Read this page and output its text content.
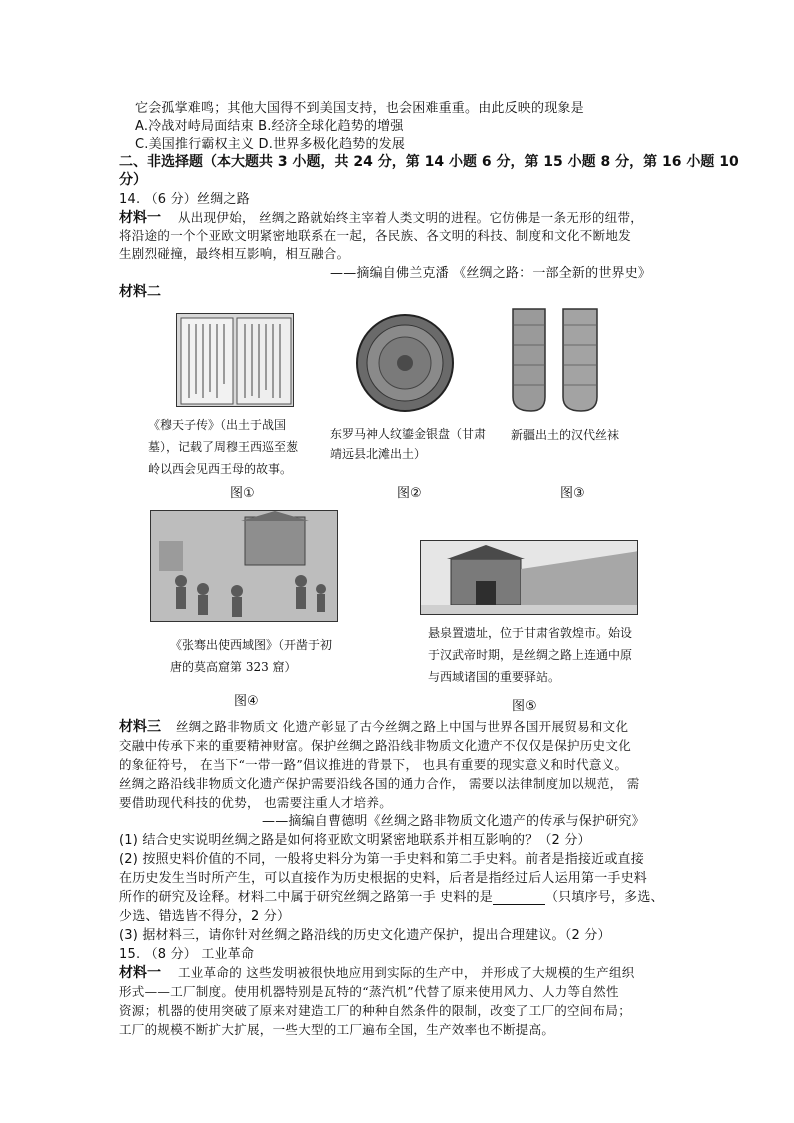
它会孤掌难鸣；其他大国得不到美国支持，也会困难重重。由此反映的现象是
A.冷战对峙局面结束 B.经济全球化趋势的增强
C.美国推行霸权主义 D.世界多极化趋势的发展
二、非选择题（本大题共 3 小题，共 24 分，第 14 小题 6 分，第 15 小题 8 分，第 16 小题 10
分）
14. （6 分）丝绸之路
材料一 从出现伊始， 丝绸之路就始终主宰着人类文明的进程。它仿佛是一条无形的纽带，
将沿途的一个个亚欧文明紧密地联系在一起，各民族、各文明的科技、制度和文化不断地发
生剧烈碰撞，最终相互影响，相互融合。
——摘编自佛兰克潘 《丝绸之路：一部全新的世界史》
材料二
《穆天子传》（出土于战国墓），记载了周穆王西巡至葱岭以西会见西王母的故事。
图①
东罗马神人纹鎏金银盘（甘肃靖远县北滩出土）
图②
新疆出土的汉代丝袜
图③
《张骞出使西域图》（开凿于初唐的莫高窟第 323 窟）
图④
悬泉置遗址，位于甘肃省敦煌市。始设于汉武帝时期，是丝绸之路上连通中原与西域诸国的重要驿站。
图⑤
材料三 丝绸之路非物质文 化遗产彰显了古今丝绸之路上中国与世界各国开展贸易和文化
交融中传承下来的重要精神财富。保护丝绸之路沿线非物质文化遗产不仅仅是保护历史文化
的象征符号， 在当下“一带一路”倡议推进的背景下， 也具有重要的现实意义和时代意义。
丝绸之路沿线非物质文化遗产保护需要沿线各国的通力合作， 需要以法律制度加以规范， 需
要借助现代科技的优势， 也需要注重人才培养。
——摘编自曹德明《丝绸之路非物质文化遗产的传承与保护研究》
(1) 结合史实说明丝绸之路是如何将亚欧文明紧密地联系并相互影响的？（2 分）
(2) 按照史料价值的不同，一般将史料分为第一手史料和第二手史料。前者是指接近或直接
在历史发生当时所产生，可以直接作为历史根据的史料，后者是指经过后人运用第一手史料
所作的研究及诠释。材料二中属于研究丝绸之路第一手 史料的是	（只填序号，多选、
少选、错选皆不得分，2 分）
(3) 据材料三，请你针对丝绸之路沿线的历史文化遗产保护，提出合理建议。（2 分）
15. （8 分） 工业革命
材料一 工业革命的 这些发明被很快地应用到实际的生产中， 并形成了大规模的生产组织
形式——工厂制度。使用机器特别是瓦特的“蒸汽机”代替了原来使用风力、人力等自然性
资源；机器的使用突破了原来对建造工厂的种种自然条件的限制，改变了工厂的空间布局；
工厂的规模不断扩大扩展，一些大型的工厂遍布全国，生产效率也不断提高。
